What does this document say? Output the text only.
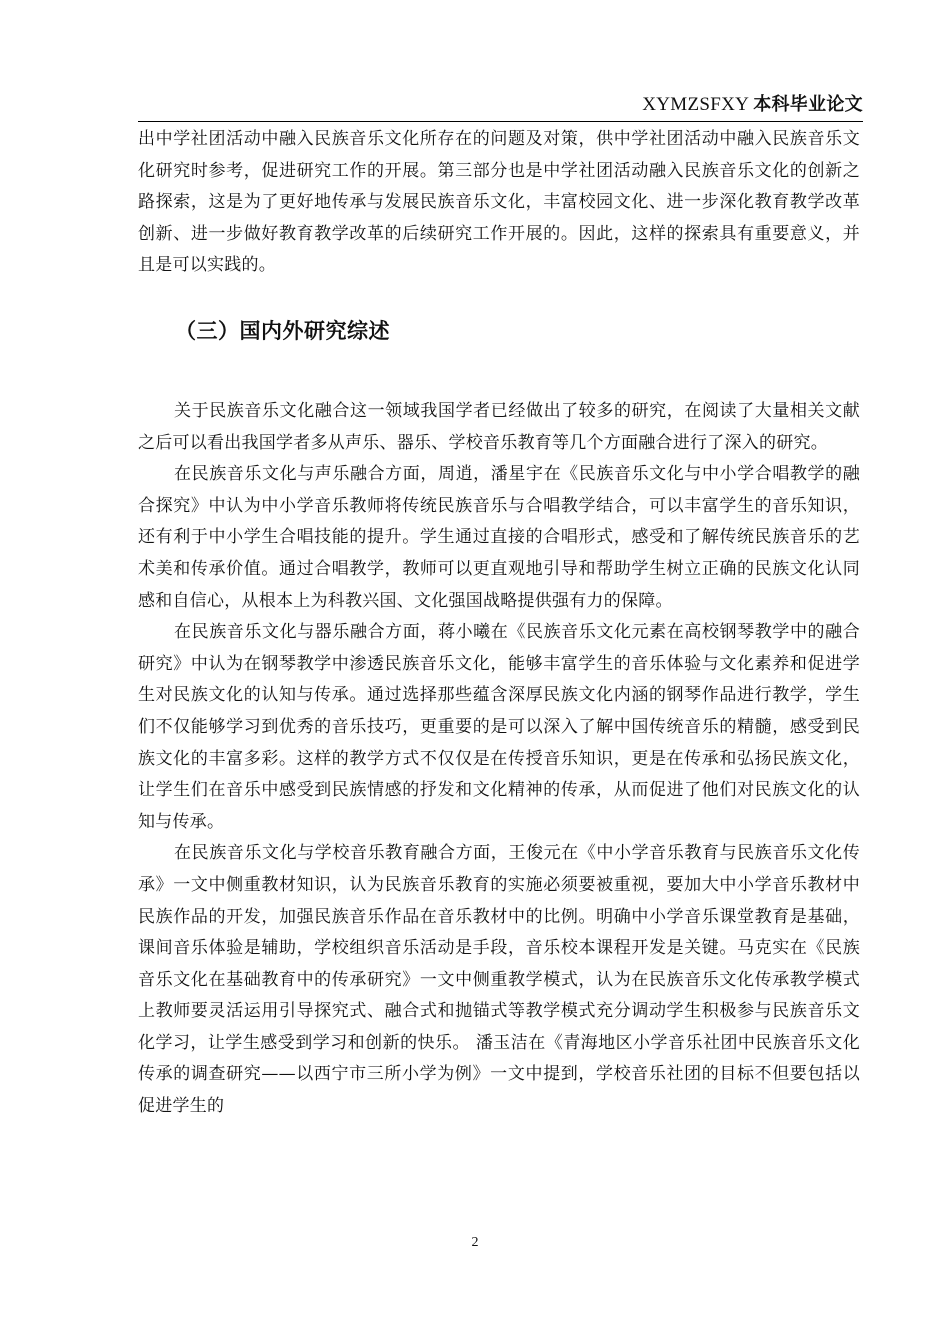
XYMZSFXY 本科毕业论文

出中学社团活动中融入民族音乐文化所存在的问题及对策，供中学社团活动中融入民族音乐文化研究时参考，促进研究工作的开展。第三部分也是中学社团活动融入民族音乐文化的创新之路探索，这是为了更好地传承与发展民族音乐文化，丰富校园文化、进一步深化教育教学改革创新、进一步做好教育教学改革的后续研究工作开展的。因此，这样的探索具有重要意义，并且是可以实践的。

（三）国内外研究综述

关于民族音乐文化融合这一领域我国学者已经做出了较多的研究，在阅读了大量相关文献之后可以看出我国学者多从声乐、器乐、学校音乐教育等几个方面融合进行了深入的研究。

在民族音乐文化与声乐融合方面，周逍，潘星宇在《民族音乐文化与中小学合唱教学的融合探究》中认为中小学音乐教师将传统民族音乐与合唱教学结合，可以丰富学生的音乐知识，还有利于中小学生合唱技能的提升。学生通过直接的合唱形式，感受和了解传统民族音乐的艺术美和传承价值。通过合唱教学，教师可以更直观地引导和帮助学生树立正确的民族文化认同感和自信心，从根本上为科教兴国、文化强国战略提供强有力的保障。

在民族音乐文化与器乐融合方面，蒋小曦在《民族音乐文化元素在高校钢琴教学中的融合研究》中认为在钢琴教学中渗透民族音乐文化，能够丰富学生的音乐体验与文化素养和促进学生对民族文化的认知与传承。通过选择那些蕴含深厚民族文化内涵的钢琴作品进行教学，学生们不仅能够学习到优秀的音乐技巧，更重要的是可以深入了解中国传统音乐的精髓，感受到民族文化的丰富多彩。这样的教学方式不仅仅是在传授音乐知识，更是在传承和弘扬民族文化，让学生们在音乐中感受到民族情感的抒发和文化精神的传承，从而促进了他们对民族文化的认知与传承。

在民族音乐文化与学校音乐教育融合方面，王俊元在《中小学音乐教育与民族音乐文化传承》一文中侧重教材知识，认为民族音乐教育的实施必须要被重视，要加大中小学音乐教材中民族作品的开发，加强民族音乐作品在音乐教材中的比例。明确中小学音乐课堂教育是基础，课间音乐体验是辅助，学校组织音乐活动是手段，音乐校本课程开发是关键。马克实在《民族音乐文化在基础教育中的传承研究》一文中侧重教学模式，认为在民族音乐文化传承教学模式上教师要灵活运用引导探究式、融合式和抛锚式等教学模式充分调动学生积极参与民族音乐文化学习，让学生感受到学习和创新的快乐。 潘玉洁在《青海地区小学音乐社团中民族音乐文化传承的调查研究——以西宁市三所小学为例》一文中提到，学校音乐社团的目标不但要包括以促进学生的

2
